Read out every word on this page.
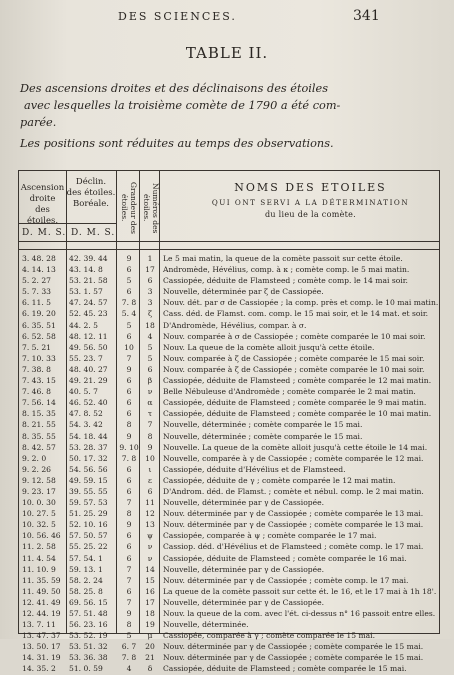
DES SCIENCES.	341
TABLE II.
Des ascensions droites et des déclinaisons des étoiles
avec lesquelles la troisième comète de 1790 a été com-
parée.
Les positions sont réduites au temps des observations.
Ascension
droite
des étoiles.
Déclin.
des étoiles.
Boréale.	Grandeur des étoiles.	Numéros des étoiles.
NOMS DES ETOILES
QUI ONT SERVI A LA DÉTERMINATION
du lieu de la comète.
D. M. S. D. M. S.
3. 48. 28	42. 39. 44	9	1	Le 5 mai matin, la queue de la comète passoit sur cette étoile.
4. 14. 13	43. 14. 8	6	17	Andromède, Hévélius, comp. à κ ; comète comp. le 5 mai matin.
5. 2. 27	53. 21. 58	5	6	Cassiopée, déduite de Flamsteed ; comète comp. le 14 mai soir.
5. 7. 33	53. 1. 57	6	3	Nouvelle, déterminée par ζ de Cassiopée.
6. 11. 5	47. 24. 57	7. 8	3	Nouv. dét. par σ de Cassiopée ; la comp. près et comp. le 10 mai matin.
6. 19. 20	52. 45. 23	5. 4	ζ	Cass. déd. de Flamst. com. comp. le 15 mai soir, et le 14 mat. et soir.
6. 35. 51	44. 2. 5	5	18	D'Andromède, Hévélius, compar. à σ.
6. 52. 58	48. 12. 11	6	4	Nouv. comparée à σ de Cassiopée ; comète comparée le 10 mai soir.
7. 5. 21	49. 56. 50	10	5	Nouv. La queue de la comète alloit jusqu'à cette étoile.
7. 10. 33	55. 23. 7	7	5	Nouv. comparée à ζ de Cassiopée ; comète comparée le 15 mai soir.
7. 38. 8	48. 40. 27	9	6	Nouv. comparée à ζ de Cassiopée ; comète comparée le 10 mai soir.
7. 43. 15	49. 21. 29	6	β	Cassiopée, déduite de Flamsteed ; comète comparée le 12 mai matin.
7. 46. 8	40. 5. 7	6	ν	Belle Nébuleuse d'Andromède ; comète comparée le 2 mai matin.
7. 56. 14	46. 52. 40	6	α	Cassiopée, déduite de Flamsteed ; comète comparée le 9 mai matin.
8. 15. 35	47. 8. 52	6	τ	Cassiopée, déduite de Flamsteed ; comète comparée le 10 mai matin.
8. 21. 55	54. 3. 42	8	7	Nouvelle, déterminée ; comète comparée le 15 mai.
8. 35. 55	54. 18. 44	9	8	Nouvelle, déterminée ; comète comparée le 15 mai.
8. 42. 57	53. 28. 37	9. 10	9	Nouvelle. La queue de la comète alloit jusqu'à cette étoile le 14 mai.
9. 2. 0	50. 17. 32	7. 8	10	Nouvelle, comparée à γ de Cassiopée ; comète comparée le 12 mai.
9. 2. 26	54. 56. 56	6	ι	Cassiopée, déduite d'Hévélius et de Flamsteed.
9. 12. 58	49. 59. 15	6	ε	Cassiopée, déduite de γ ; comète comparée le 12 mai matin.
9. 23. 17	39. 55. 55	6	6	D'Androm. déd. de Flamst. ; comète et nébul. comp. le 2 mai matin.
10. 0. 30	59. 57. 53	7	11	Nouvelle, déterminée par γ de Cassiopée.
10. 27. 5	51. 25. 29	8	12	Nouv. déterminée par γ de Cassiopée ; comète comparée le 13 mai.
10. 32. 5	52. 10. 16	9	13	Nouv. déterminée par γ de Cassiopée ; comète comparée le 13 mai.
10. 56. 46	57. 50. 57	6	ψ	Cassiopée, comparée à ψ ; comète comparée le 17 mai.
11. 2. 58	55. 25. 22	6	ν	Cassiop. déd. d'Hévélius et de Flamsteed ; comète comp. le 17 mai.
11. 4. 54	57. 54. 1	6	ν	Cassiopée, déduite de Flamsteed ; comète comparée le 16 mai.
11. 10. 9	59. 13. 1	7	14	Nouvelle, déterminée par γ de Cassiopée.
11. 35. 59	58. 2. 24	7	15	Nouv. déterminée par γ de Cassiopée ; comète comp. le 17 mai.
11. 49. 50	58. 25. 8	6	16	La queue de la comète passoit sur cette ét. le 16, et le 17 mai à 1h 18'.
12. 41. 49	69. 56. 15	7	17	Nouvelle, déterminée par γ de Cassiopée.
12. 44. 19	57. 51. 48	9	18	Nouv. la queue de la com. avec l'ét. ci-dessus n° 16 passoit entre elles.
13. 7. 11	56. 23. 16	8	19	Nouvelle, déterminée.
13. 47. 37	53. 52. 19	5	μ	Cassiopée, comparée à γ ; comète comparée le 15 mai.
13. 50. 17	53. 51. 32	6. 7	20	Nouv. déterminée par γ de Cassiopée ; comète comparée le 15 mai.
14. 31. 19	53. 36. 38	7. 8	21	Nouv. déterminée par γ de Cassiopée ; comète comparée le 15 mai.
14. 35. 2	51. 0. 59	4	δ	Cassiopée, déduite de Flamsteed ; comète comparée le 15 mai.
